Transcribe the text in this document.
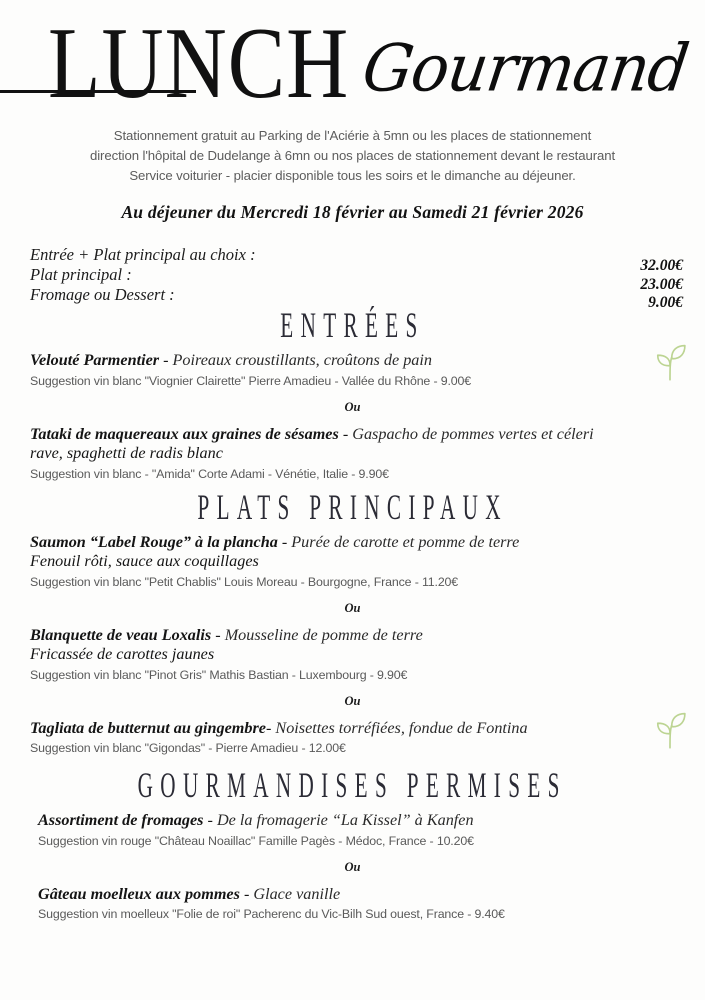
LUNCH Gourmand
Stationnement gratuit au Parking de l'Aciérie à 5mn ou les places de stationnement
direction l'hôpital de Dudelange à 6mn ou nos places de stationnement devant le restaurant
Service voiturier - placier disponible tous les soirs et le dimanche au déjeuner.
Au déjeuner du Mercredi 18 février au Samedi 21 février 2026
Entrée + Plat principal au choix :
Plat principal :
Fromage ou Dessert :
32.00€
23.00€
9.00€
ENTRÉES
Velouté Parmentier - Poireaux croustillants, croûtons de pain
Suggestion vin blanc "Viognier Clairette" Pierre Amadieu - Vallée du Rhône - 9.00€
Ou
Tataki de maquereaux aux graines de sésames - Gaspacho de pommes vertes et céleri
rave, spaghetti de radis blanc
Suggestion vin blanc - "Amida" Corte Adami - Vénétie, Italie - 9.90€
PLATS PRINCIPAUX
Saumon “Label Rouge” à la plancha - Purée de carotte et pomme de terre
Fenouil rôti, sauce aux coquillages
Suggestion vin blanc "Petit Chablis" Louis Moreau - Bourgogne, France - 11.20€
Ou
Blanquette de veau Loxalis - Mousseline de pomme de terre
Fricassée de carottes jaunes
Suggestion vin blanc "Pinot Gris" Mathis Bastian - Luxembourg - 9.90€
Ou
Tagliata de butternut au gingembre- Noisettes torréfiées, fondue de Fontina
Suggestion vin blanc "Gigondas" - Pierre Amadieu - 12.00€
GOURMANDISES PERMISES
Assortiment de fromages - De la fromagerie “La Kissel” à Kanfen
Suggestion vin rouge "Château Noaillac" Famille Pagès - Médoc, France - 10.20€
Ou
Gâteau moelleux aux pommes - Glace vanille
Suggestion vin moelleux "Folie de roi" Pacherenc du Vic-Bilh Sud ouest, France - 9.40€
